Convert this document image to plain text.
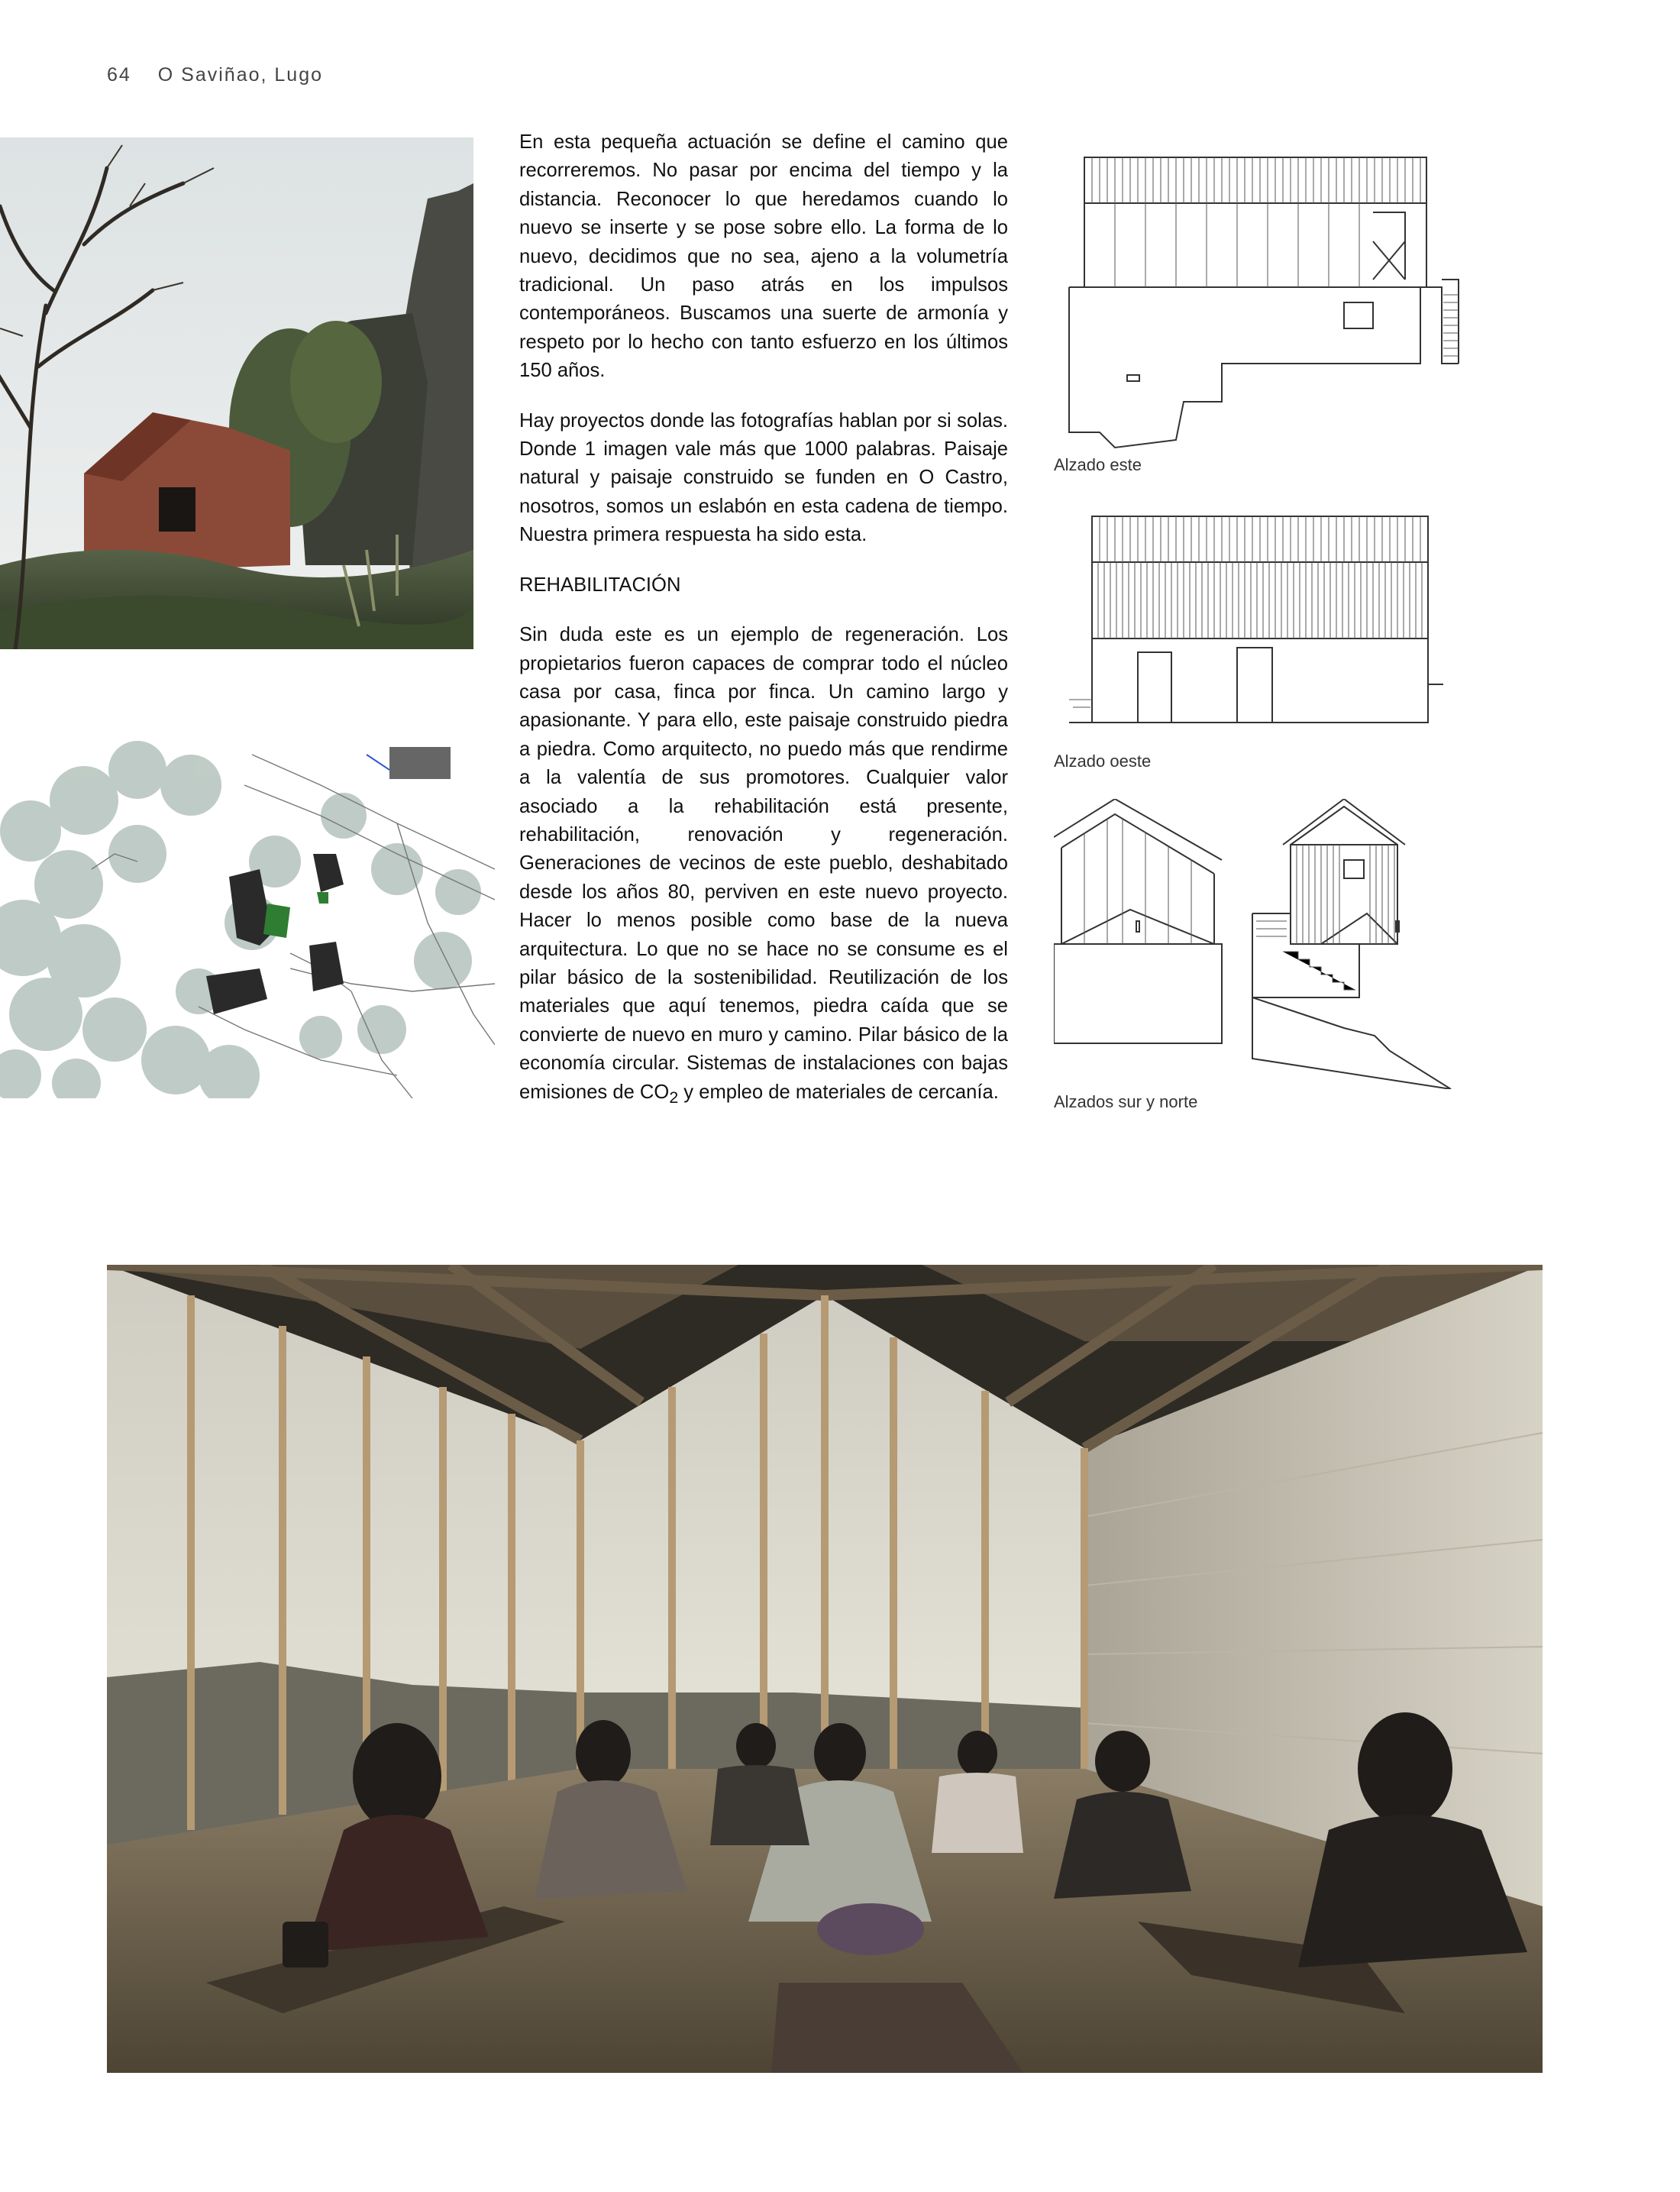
64 O Saviñao, Lugo

En esta pequeña actuación se define el camino que recorreremos. No pasar por encima del tiempo y la distancia. Reconocer lo que heredamos cuando lo nuevo se inserte y se pose sobre ello. La forma de lo nuevo, decidimos que no sea, ajeno a la volumetría tradicional. Un paso atrás en los impulsos contemporáneos. Buscamos una suerte de armonía y respeto por lo hecho con tanto esfuerzo en los últimos 150 años.

Hay proyectos donde las fotografías hablan por si solas. Donde 1 imagen vale más que 1000 palabras. Paisaje natural y paisaje construido se funden en O Castro, nosotros, somos un eslabón en esta cadena de tiempo. Nuestra primera respuesta ha sido esta.

REHABILITACIÓN

Sin duda este es un ejemplo de regeneración. Los propietarios fueron capaces de comprar todo el núcleo casa por casa, finca por finca. Un camino largo y apasionante. Y para ello, este paisaje construido piedra a piedra. Como arquitecto, no puedo más que rendirme a la valentía de sus promotores. Cualquier valor asociado a la rehabilitación está presente, rehabilitación, renovación y regeneración. Generaciones de vecinos de este pueblo, deshabitado desde los años 80, perviven en este nuevo proyecto. Hacer lo menos posible como base de la nueva arquitectura. Lo que no se hace no se consume es el pilar básico de la sostenibilidad. Reutilización de los materiales que aquí tenemos, piedra caída que se convierte de nuevo en muro y camino. Pilar básico de la economía circular. Sistemas de instalaciones con bajas emisiones de $CO_2$ y empleo de materiales de cercanía.

Alzado este
Alzado oeste
Alzados sur y norte
